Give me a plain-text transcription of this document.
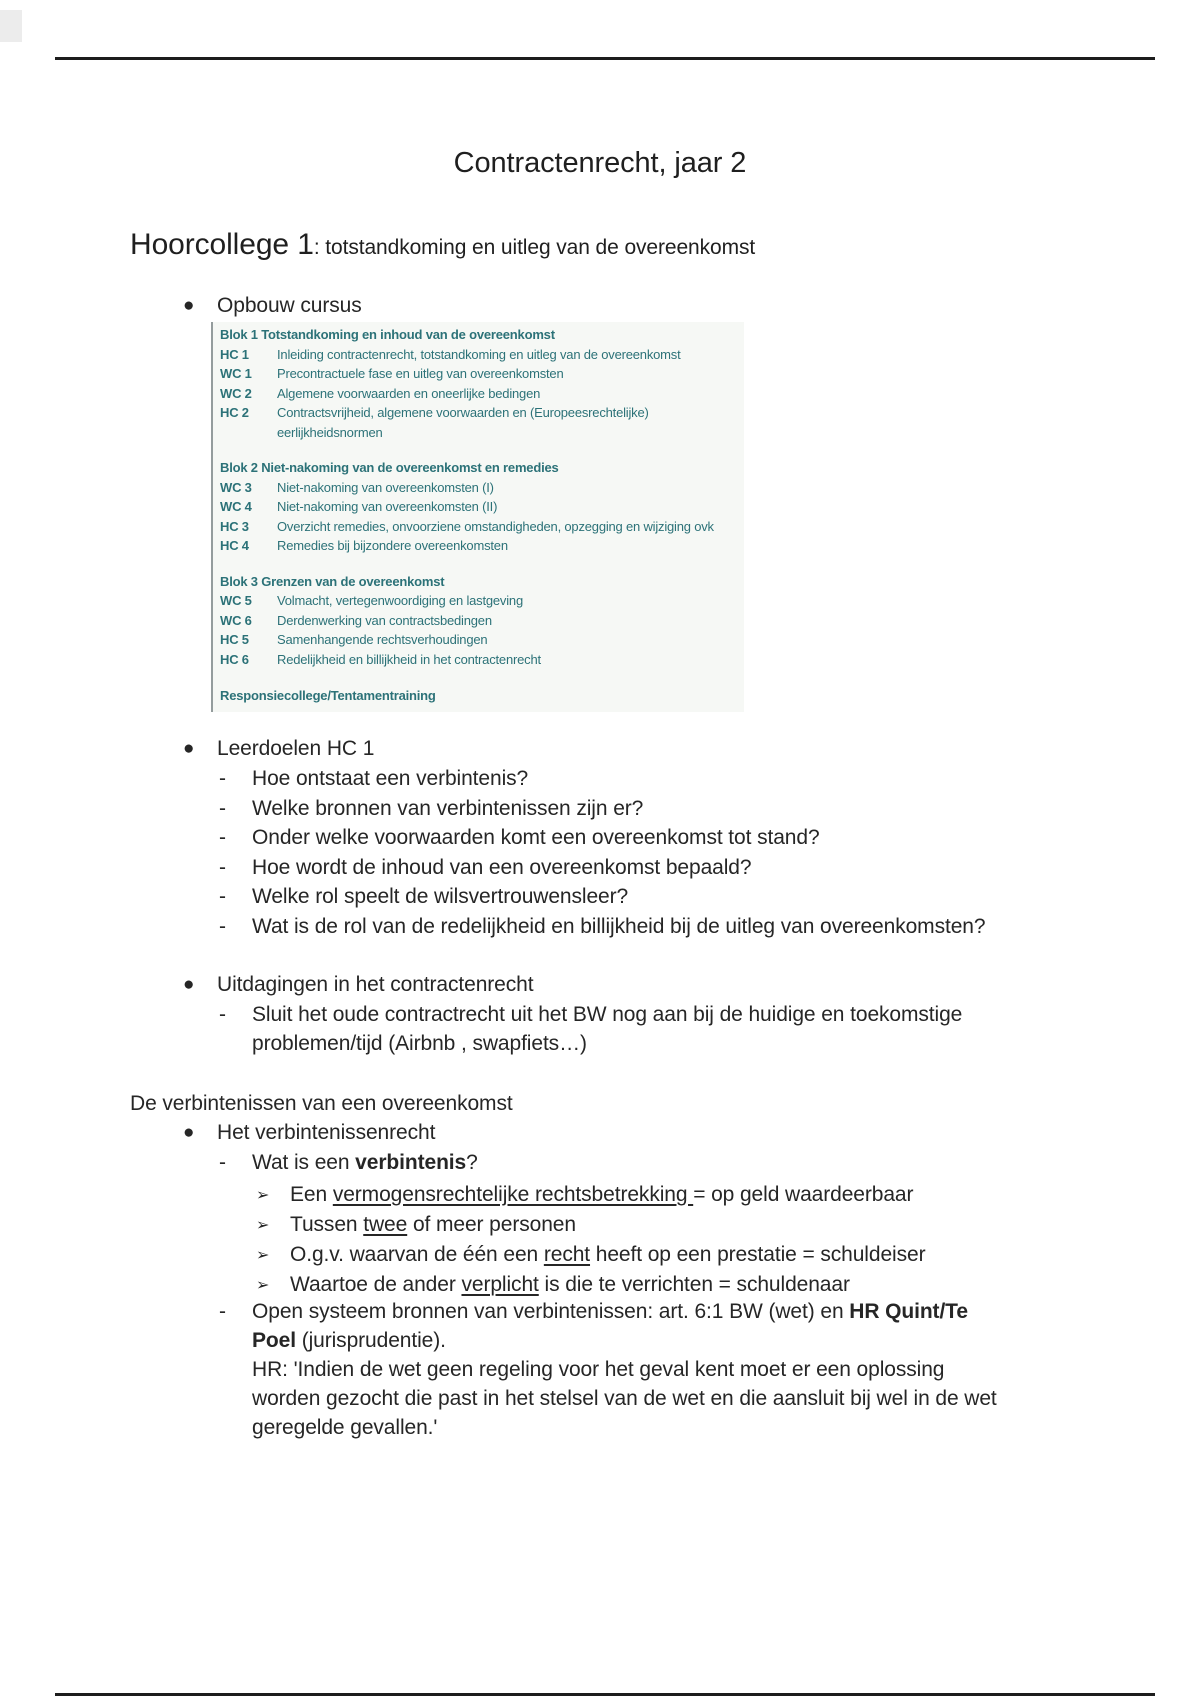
Contractenrecht, jaar 2
Hoorcollege 1: totstandkoming en uitleg van de overeenkomst
● Opbouw cursus
Blok 1 Totstandkoming en inhoud van de overeenkomst
HC 1	Inleiding contractenrecht, totstandkoming en uitleg van de overeenkomst
WC 1	Precontractuele fase en uitleg van overeenkomsten
WC 2	Algemene voorwaarden en oneerlijke bedingen
HC 2	Contractsvrijheid, algemene voorwaarden en (Europeesrechtelijke)
eerlijkheidsnormen
Blok 2 Niet-nakoming van de overeenkomst en remedies
WC 3	Niet-nakoming van overeenkomsten (I)
WC 4	Niet-nakoming van overeenkomsten (II)
HC 3	Overzicht remedies, onvoorziene omstandigheden, opzegging en wijziging ovk
HC 4	Remedies bij bijzondere overeenkomsten
Blok 3 Grenzen van de overeenkomst
WC 5	Volmacht, vertegenwoordiging en lastgeving
WC 6	Derdenwerking van contractsbedingen
HC 5	Samenhangende rechtsverhoudingen
HC 6	Redelijkheid en billijkheid in het contractenrecht
Responsiecollege/Tentamentraining
● Leerdoelen HC 1
- Hoe ontstaat een verbintenis?
- Welke bronnen van verbintenissen zijn er?
- Onder welke voorwaarden komt een overeenkomst tot stand?
- Hoe wordt de inhoud van een overeenkomst bepaald?
- Welke rol speelt de wilsvertrouwensleer?
- Wat is de rol van de redelijkheid en billijkheid bij de uitleg van overeenkomsten?
● Uitdagingen in het contractenrecht
- Sluit het oude contractrecht uit het BW nog aan bij de huidige en toekomstige
problemen/tijd (Airbnb , swapfiets…)
De verbintenissen van een overeenkomst
● Het verbintenissenrecht
- Wat is een verbintenis?
➢ Een vermogensrechtelijke rechtsbetrekking = op geld waardeerbaar
➢ Tussen twee of meer personen
➢ O.g.v. waarvan de één een recht heeft op een prestatie = schuldeiser
➢ Waartoe de ander verplicht is die te verrichten = schuldenaar
- Open systeem bronnen van verbintenissen: art. 6:1 BW (wet) en HR Quint/Te
Poel (jurisprudentie).
HR: 'Indien de wet geen regeling voor het geval kent moet er een oplossing
worden gezocht die past in het stelsel van de wet en die aansluit bij wel in de wet
geregelde gevallen.'
